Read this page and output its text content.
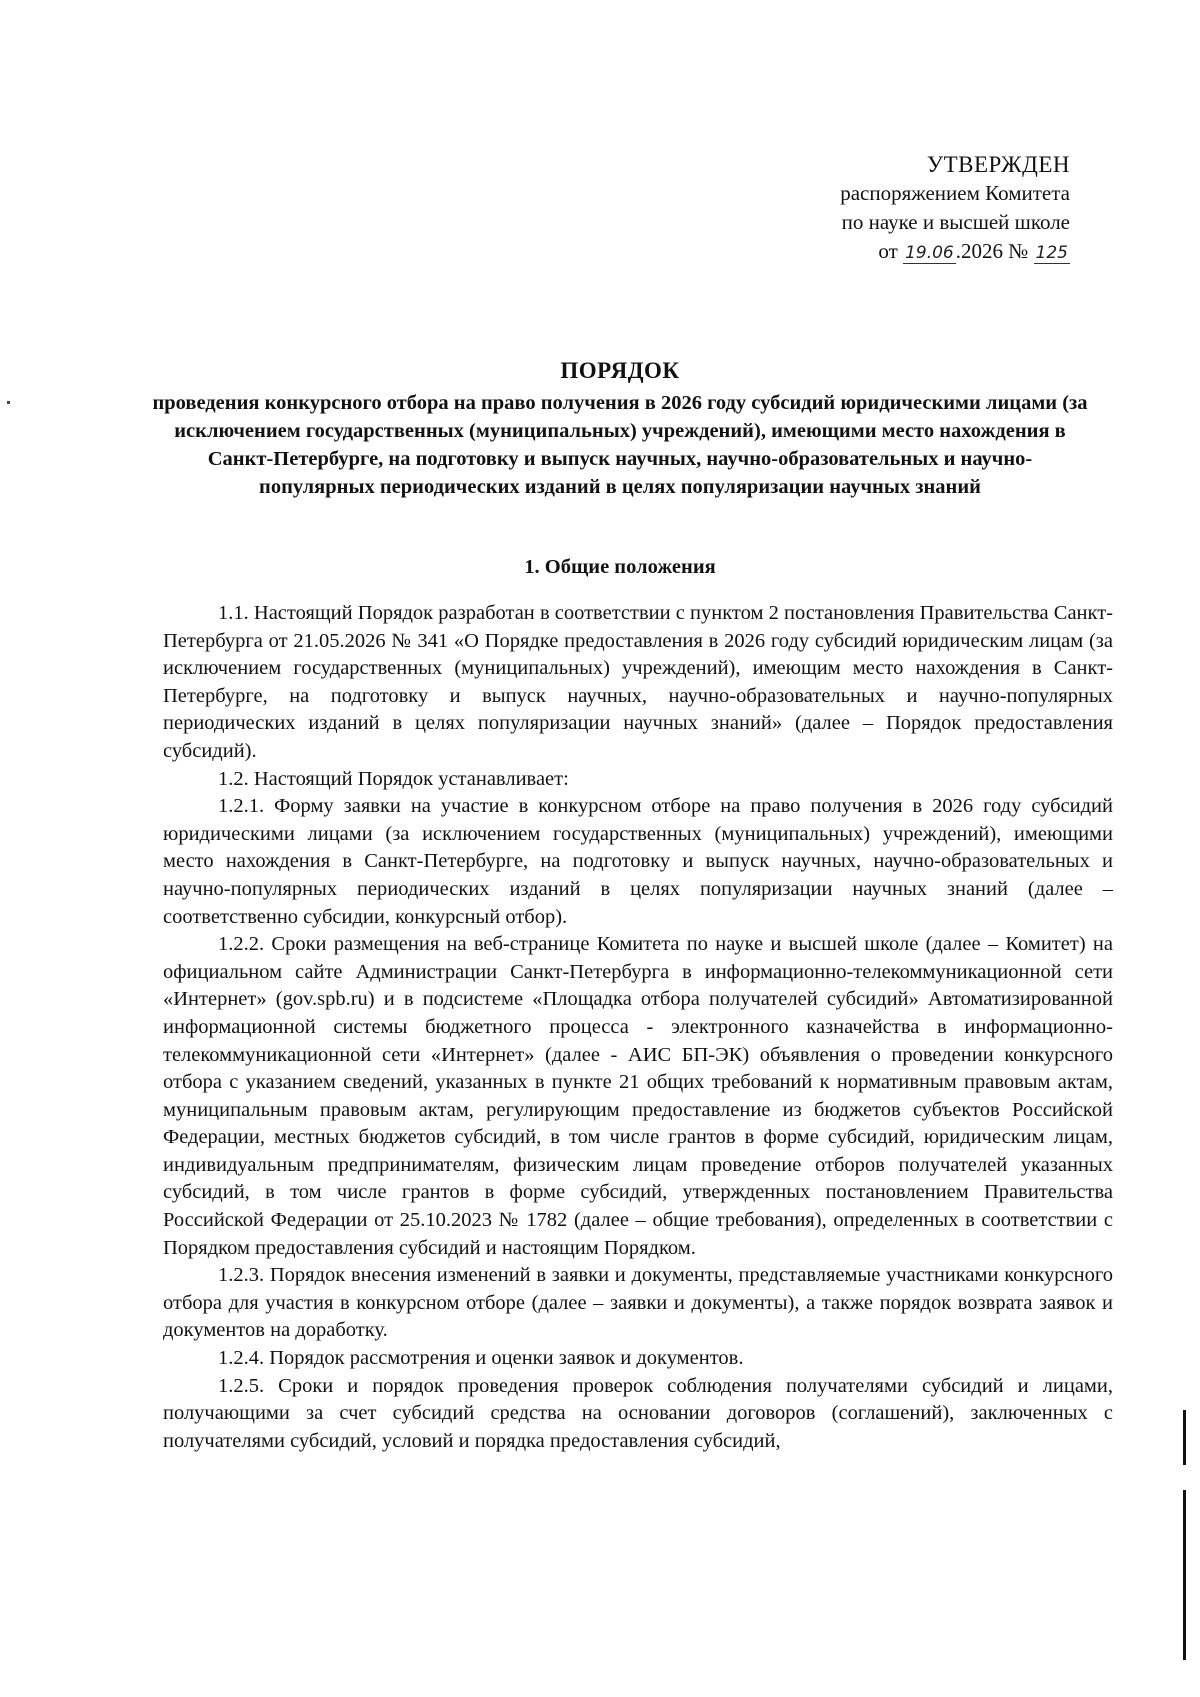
УТВЕРЖДЕН
распоряжением Комитета
по науке и высшей школе
от 19.06.2026 № 125
ПОРЯДОК
проведения конкурсного отбора на право получения в 2026 году субсидий юридическими лицами (за исключением государственных (муниципальных) учреждений), имеющими место нахождения в Санкт-Петербурге, на подготовку и выпуск научных, научно-образовательных и научно-популярных периодических изданий в целях популяризации научных знаний
1. Общие положения

1.1. Настоящий Порядок разработан в соответствии с пунктом 2 постановления Правительства Санкт-Петербурга от 21.05.2026 № 341 «О Порядке предоставления в 2026 году субсидий юридическим лицам (за исключением государственных (муниципальных) учреждений), имеющим место нахождения в Санкт-Петербурге, на подготовку и выпуск научных, научно-образовательных и научно-популярных периодических изданий в целях популяризации научных знаний» (далее – Порядок предоставления субсидий).

1.2. Настоящий Порядок устанавливает:

1.2.1. Форму заявки на участие в конкурсном отборе на право получения в 2026 году субсидий юридическими лицами (за исключением государственных (муниципальных) учреждений), имеющими место нахождения в Санкт-Петербурге, на подготовку и выпуск научных, научно-образовательных и научно-популярных периодических изданий в целях популяризации научных знаний (далее – соответственно субсидии, конкурсный отбор).

1.2.2. Сроки размещения на веб-странице Комитета по науке и высшей школе (далее – Комитет) на официальном сайте Администрации Санкт-Петербурга в информационно-телекоммуникационной сети «Интернет» (gov.spb.ru) и в подсистеме «Площадка отбора получателей субсидий» Автоматизированной информационной системы бюджетного процесса - электронного казначейства в информационно-телекоммуникационной сети «Интернет» (далее - АИС БП-ЭК) объявления о проведении конкурсного отбора с указанием сведений, указанных в пункте 21 общих требований к нормативным правовым актам, муниципальным правовым актам, регулирующим предоставление из бюджетов субъектов Российской Федерации, местных бюджетов субсидий, в том числе грантов в форме субсидий, юридическим лицам, индивидуальным предпринимателям, физическим лицам проведение отборов получателей указанных субсидий, в том числе грантов в форме субсидий, утвержденных постановлением Правительства Российской Федерации от 25.10.2023 № 1782 (далее – общие требования), определенных в соответствии с Порядком предоставления субсидий и настоящим Порядком.

1.2.3. Порядок внесения изменений в заявки и документы, представляемые участниками конкурсного отбора для участия в конкурсном отборе (далее – заявки и документы), а также порядок возврата заявок и документов на доработку.

1.2.4. Порядок рассмотрения и оценки заявок и документов.

1.2.5. Сроки и порядок проведения проверок соблюдения получателями субсидий и лицами, получающими за счет субсидий средства на основании договоров (соглашений), заключенных с получателями субсидий, условий и порядка предоставления субсидий,
